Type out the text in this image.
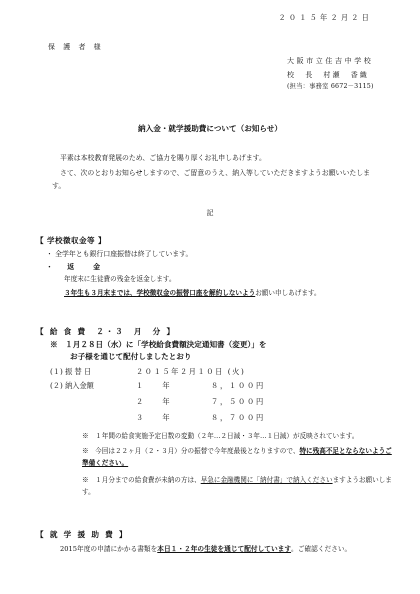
２０１５年２月２日
保 護 者 様
大阪市立住吉中学校
校　長　村瀬　香織
(担当：事務室 6672－3115)
納入金・就学援助費について（お知らせ）
平素は本校教育発展のため、ご協力を賜り厚くお礼申しあげます。
さて、次のとおりお知らせしますので、ご留意のうえ、納入等していただきますようお願いいたします。
記
【 学校徴収金等 】
・ 全学年とも銀行口座振替は終了しています。
・ 返　金
年度末に生徒費の残金を返金します。
３年生も３月末までは、学校徴収金の振替口座を解約しないようお願い申しあげます。
【 給 食 費　２・３　月　分 】
※　１月２８日（水）に「学校給食費額決定通知書（変更）」を
お子様を通じて配付しましたとおり
(１) 振 替 日	２０１５年２月１０日 (火)
(２) 納入金額	１　　年	８，１００円
２　　年	７，５００円
３　　年	８，７００円
※　１年間の給食実施予定日数の変動（２年…２日減・３年…１日減）が反映されています。
※　今回は２２ヶ月（２・３月）分の振替で今年度最後となりますので、特に残高不足とならないようご準備ください。
※　１月分までの給食費が未納の方は、早急に金融機関に「納付書」で納入くださいますようお願いします。
【 就 学 援 助 費 】
2015年度の申請にかかる書類を本日１・２年の生徒を通じて配付しています。ご確認ください。
